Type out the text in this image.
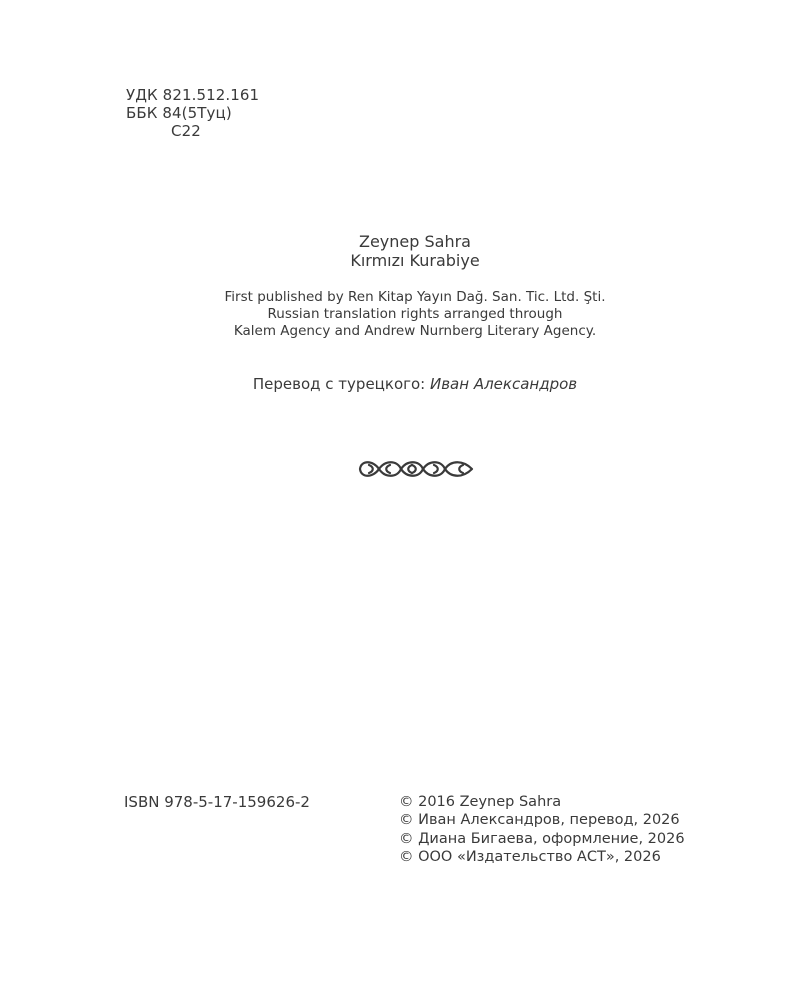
УДК 821.512.161
ББК 84(5Туц)
С22
Zeynep Sahra
Kırmızı Kurabiye
First published by Ren Kitap Yayın Dağ. San. Tic. Ltd. Şti.
Russian translation rights arranged through
Kalem Agency and Andrew Nurnberg Literary Agency.
Перевод с турецкого: Иван Александров
ISBN 978-5-17-159626-2	© 2016 Zeynep Sahra
© Иван Александров, перевод, 2026
© Диана Бигаева, оформление, 2026
© ООО «Издательство АСТ», 2026
